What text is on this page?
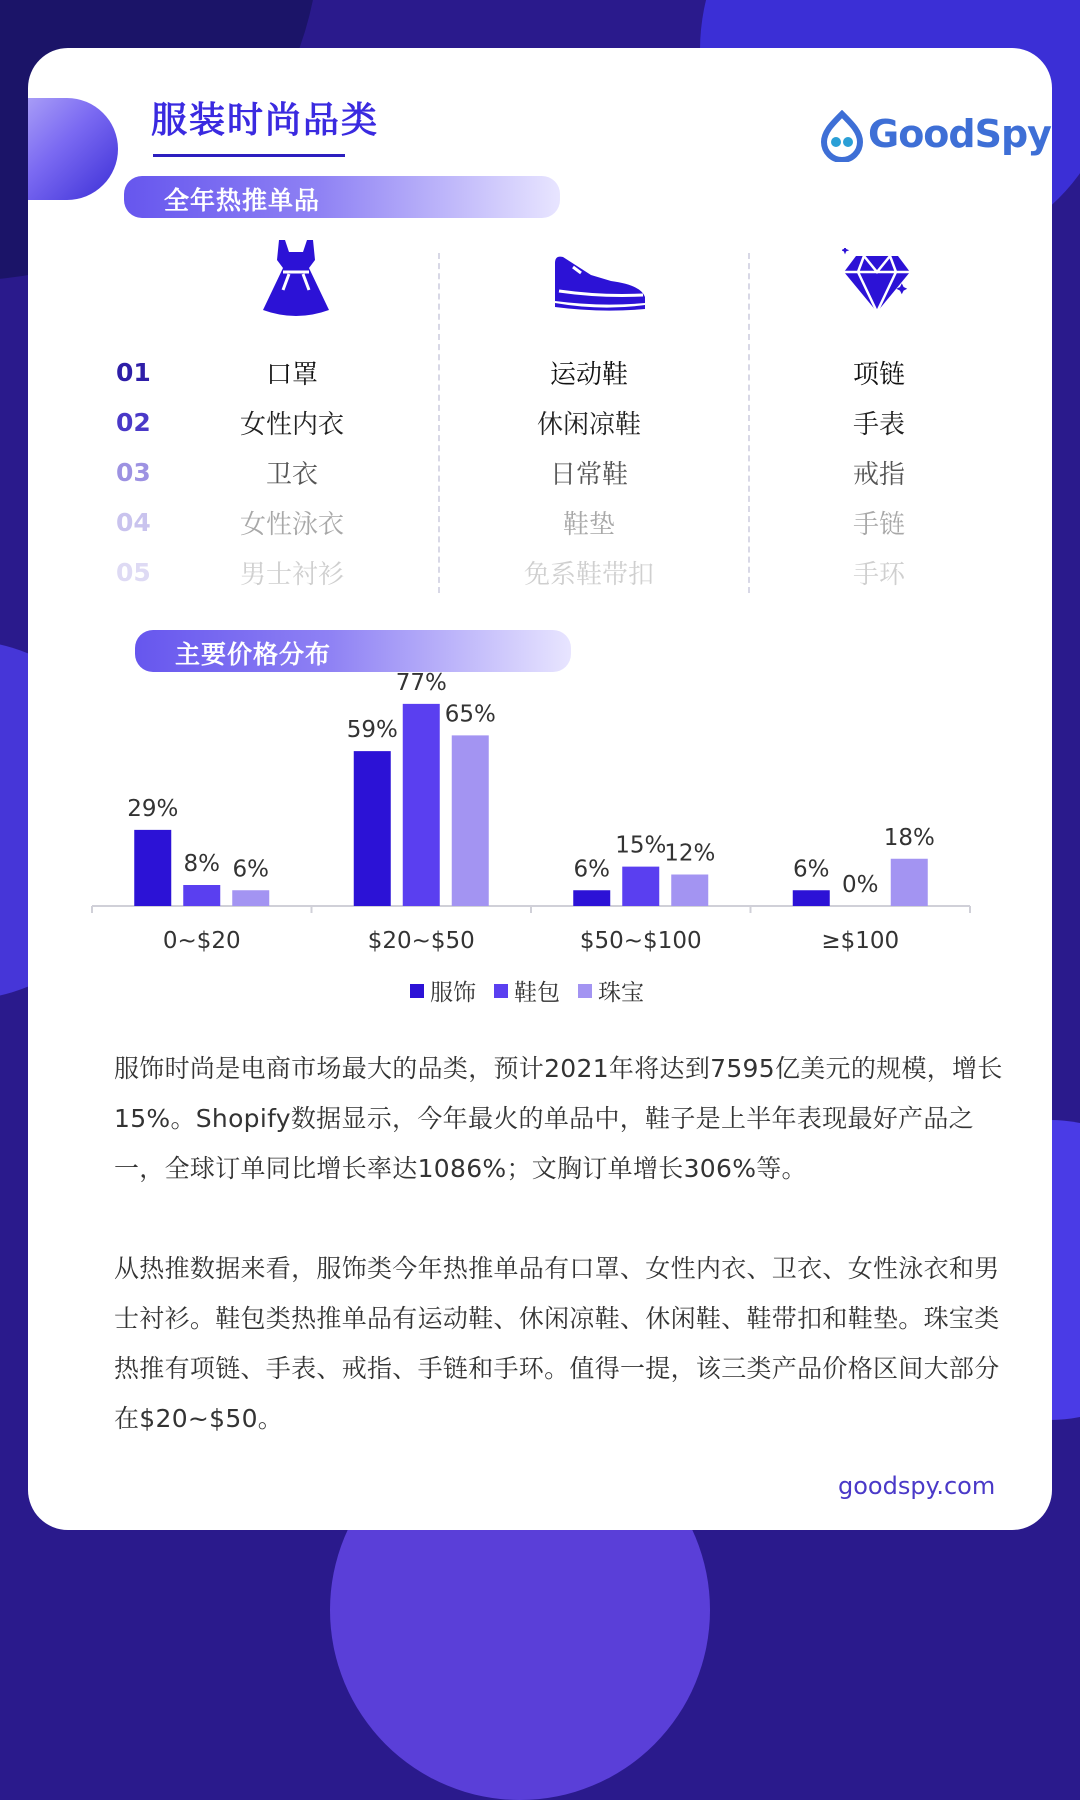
服装时尚品类	GoodSpy
全年热推单品
01
02
03
04
05
口罩
女性内衣
卫衣
女性泳衣
男士衬衫
运动鞋
休闲凉鞋
日常鞋
鞋垫
免系鞋带扣
项链
手表
戒指
手链
手环
主要价格分布
29%
8% 6%
0~$20
59%
77%
65%
$20~$50
6%
15%
12%
$50~$100
6%
0%
18%
≥$100
服饰 鞋包 珠宝

服饰时尚是电商市场最大的品类，预计2021年将达到7595亿美元的规模，增长15%。Shopify数据显示，今年最火的单品中，鞋子是上半年表现最好产品之一，全球订单同比增长率达1086%；文胸订单增长306%等。

从热推数据来看，服饰类今年热推单品有口罩、女性内衣、卫衣、女性泳衣和男士衬衫。鞋包类热推单品有运动鞋、休闲凉鞋、休闲鞋、鞋带扣和鞋垫。珠宝类热推有项链、手表、戒指、手链和手环。值得一提，该三类产品价格区间大部分在$20~$50。

goodspy.com
